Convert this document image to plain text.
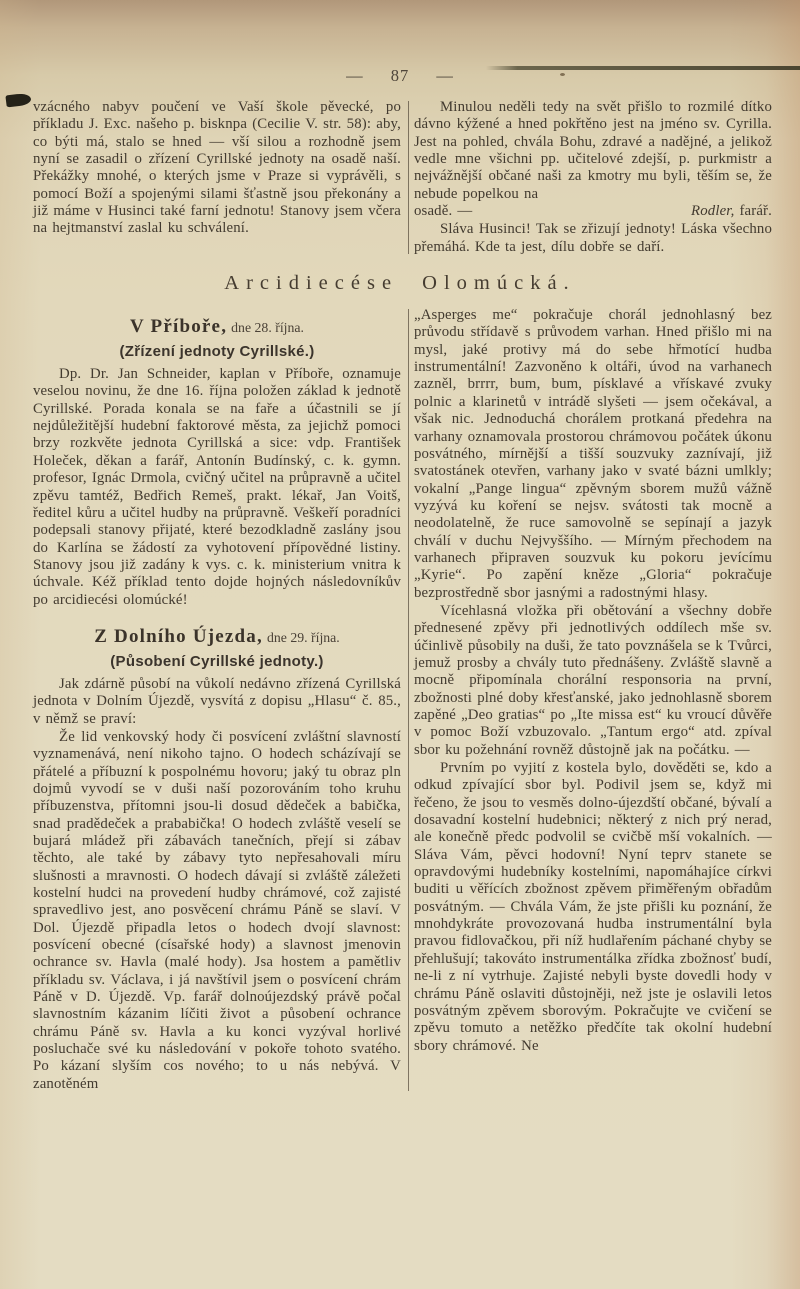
— 87 —

vzácného nabyv poučení ve Vaší škole pěvecké, po příkladu J. Exc. našeho p. bisknpa (Cecilie V. str. 58): aby, co býti má, stalo se hned — vší silou a rozhodně jsem nyní se zasadil o zřízení Cyrillské jednoty na osadě naší. Překážky mnohé, o kterých jsme v Praze si vyprávěli, s pomocí Boží a spojenými silami šťastně jsou překonány a již máme v Husinci také farní jednotu! Stanovy jsem včera na hejtmanství zaslal ku schválení.

Minulou neděli tedy na svět přišlo to rozmilé dítko dávno kýžené a hned pokřtěno jest na jméno sv. Cyrilla. Jest na pohled, chvála Bohu, zdravé a nadějné, a jelikož vedle mne všichni pp. učitelové zdejší, p. purkmistr a nejvážnější občané naši za kmotry mu byli, těším se, že nebude popelkou na

osadě. —	Rodler, farář.

Sláva Husinci! Tak se zřizují jednoty! Láska všechno přemáhá. Kde ta jest, dílu dobře se daří.

Arcidiecése Olomúcká.
V Příboře, dne 28. října.
(Zřízení jednoty Cyrillské.)

Dp. Dr. Jan Schneider, kaplan v Příboře, oznamuje veselou novinu, že dne 16. října položen základ k jednotě Cyrillské. Porada konala se na faře a účastnili se jí nejdůležitější hudební faktorové města, za jejichž pomoci brzy rozkvěte jednota Cyrillská a sice: vdp. František Holeček, děkan a farář, Antonín Budínský, c. k. gymn. profesor, Ignác Drmola, cvičný učitel na průpravně a učitel zpěvu tamtéž, Bedřich Remeš, prakt. lékař, Jan Voitš, ředitel kůru a učitel hudby na průpravně. Veškeří poradníci podepsali stanovy přijaté, které bezodkladně zaslány jsou do Karlína se žádostí za vyhotovení přípovědné listiny. Stanovy jsou již zadány k vys. c. k. ministerium vnitra k úchvale. Kéž příklad tento dojde hojných následovníkův po arcidiecési olomúcké!

Z Dolního Újezda, dne 29. října.
(Působení Cyrillské jednoty.)

Jak zdárně působí na vůkolí nedávno zřízená Cyrillská jednota v Dolním Újezdě, vysvítá z dopisu „Hlasu“ č. 85., v němž se praví:

Že lid venkovský hody či posvícení zvláštní slavností vyznamenává, není nikoho tajno. O hodech scházívají se přátelé a příbuzní k pospolnému hovoru; jaký tu obraz pln dojmů vyvodí se v duši naší pozorováním toho kruhu příbuzenstva, přítomni jsou-li dosud dědeček a babička, snad pradědeček a prababička! O hodech zvláště veselí se bujará mládež při zábavách tanečních, přejí si zábav těchto, ale také by zábavy tyto nepřesahovali míru slušnosti a mravnosti. O hodech dávají si zvláště záležeti kostelní hudci na provedení hudby chrámové, což zajisté spravedlivo jest, ano posvěcení chrámu Páně se slaví. V Dol. Újezdě připadla letos o hodech dvojí slavnost: posvícení obecné (císařské hody) a slavnost jmenovin ochrance sv. Havla (malé hody). Jsa hostem a pamětliv příkladu sv. Václava, i já navštívil jsem o posvícení chrám Páně v D. Újezdě. Vp. farář dolnoújezdský právě počal slavnostním kázanim líčiti život a působení ochrance chrámu Páně sv. Havla a ku konci vyzýval horlivé posluchače své ku následování v pokoře tohoto svatého. Po kázaní slyším cos nového; to u nás nebývá. V zanotěném

„Asperges me“ pokračuje chorál jednohlasný bez průvodu střídavě s průvodem varhan. Hned přišlo mi na mysl, jaké protivy má do sebe hřmotící hudba instrumentální! Zazvoněno k oltáři, úvod na varhanech zazněl, brrrr, bum, bum, písklavé a vřískavé zvuky polnic a klarinetů v intrádě slyšeti — jsem očekával, a však nic. Jednoduchá chorálem protkaná předehra na varhany oznamovala prostorou chrámovou počátek úkonu posvátného, mírnější a tišší souzvuky zaznívají, již svatostánek otevřen, varhany jako v svaté bázni umlkly; vokalní „Pange lingua“ zpěvným sborem mužů vážně vyzývá ku koření se nejsv. svátosti tak mocně a neodolatelně, že ruce samovolně se sepínají a jazyk chválí v duchu Nejvyššího. — Mírným přechodem na varhanech připraven souzvuk ku pokoru jevícímu „Kyrie“. Po zapění kněze „Gloria“ pokračuje bezprostředně sbor jasnými a radostnými hlasy.

Vícehlasná vložka při obětování a všechny dobře přednesené zpěvy při jednotlivých oddílech mše sv. účinlivě působily na duši, že tato povznášela se k Tvůrci, jemuž prosby a chvály tuto přednášeny. Zvláště slavně a mocně připomínala chorální responsoria na první, zbožnosti plné doby křesťanské, jako jednohlasně sborem zapěné „Deo gratias“ po „Ite missa est“ ku vroucí důvěře v pomoc Boží vzbuzovalo. „Tantum ergo“ atd. zpíval sbor ku požehnání rovněž důstojně jak na počátku. —

Prvním po vyjití z kostela bylo, dověděti se, kdo a odkud zpívající sbor byl. Podivil jsem se, když mi řečeno, že jsou to vesměs dolno-újezdští občané, bývalí a dosavadní kostelní hudebnici; některý z nich prý nerad, ale konečně předc podvolil se cvičbě mší vokalních. — Sláva Vám, pěvci hodovní! Nyní teprv stanete se opravdovými hudebníky kostelními, napomáhajíce církvi buditi u věřících zbožnost zpěvem přiměřeným obřadům posvátným. — Chvála Vám, že jste přišli ku poznání, že mnohdykráte provozovaná hudba instrumentální byla pravou fidlovačkou, při níž hudlařením páchané chyby se přehlušují; takováto instrumentálka zřídka zbožnosť budí, ne-li z ní vytrhuje. Zajisté nebyli byste dovedli hody v chrámu Páně oslaviti důstojněji, než jste je oslavili letos posvátným zpěvem sborovým. Pokračujte ve cvičení se zpěvu tomuto a netěžko předčíte tak okolní hudební sbory chrámové. Ne
